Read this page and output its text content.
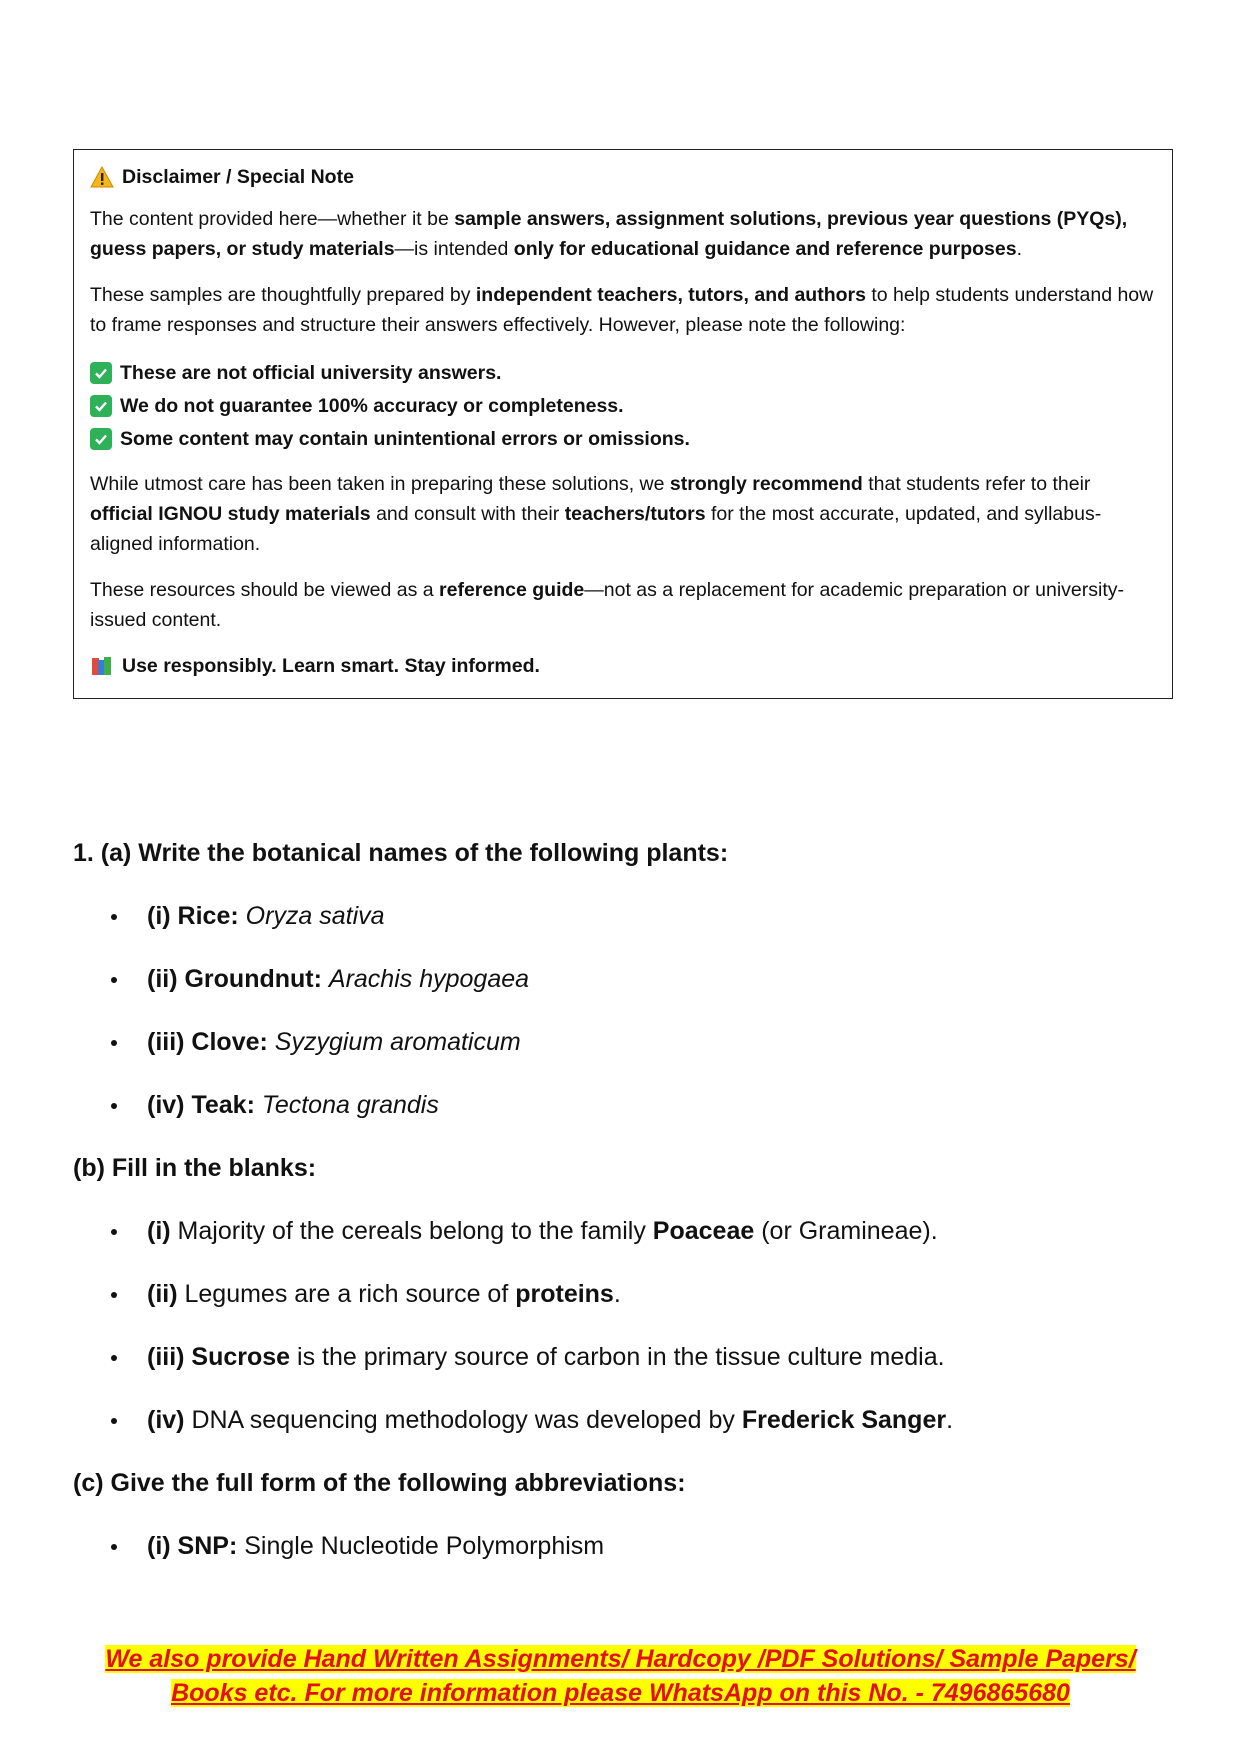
Disclaimer / Special Note

The content provided here—whether it be sample answers, assignment solutions, previous year questions (PYQs), guess papers, or study materials—is intended only for educational guidance and reference purposes.

These samples are thoughtfully prepared by independent teachers, tutors, and authors to help students understand how to frame responses and structure their answers effectively. However, please note the following:

These are not official university answers.
We do not guarantee 100% accuracy or completeness.
Some content may contain unintentional errors or omissions.

While utmost care has been taken in preparing these solutions, we strongly recommend that students refer to their official IGNOU study materials and consult with their teachers/tutors for the most accurate, updated, and syllabus-aligned information.

These resources should be viewed as a reference guide—not as a replacement for academic preparation or university-issued content.

Use responsibly. Learn smart. Stay informed.

1. (a) Write the botanical names of the following plants:

(i) Rice: Oryza sativa
(ii) Groundnut: Arachis hypogaea
(iii) Clove: Syzygium aromaticum
(iv) Teak: Tectona grandis

(b) Fill in the blanks:

(i) Majority of the cereals belong to the family Poaceae (or Gramineae).
(ii) Legumes are a rich source of proteins.
(iii) Sucrose is the primary source of carbon in the tissue culture media.
(iv) DNA sequencing methodology was developed by Frederick Sanger.

(c) Give the full form of the following abbreviations:

(i) SNP: Single Nucleotide Polymorphism
We also provide Hand Written Assignments/ Hardcopy /PDF Solutions/ Sample Papers/
Books etc. For more information please WhatsApp on this No. - 7496865680
